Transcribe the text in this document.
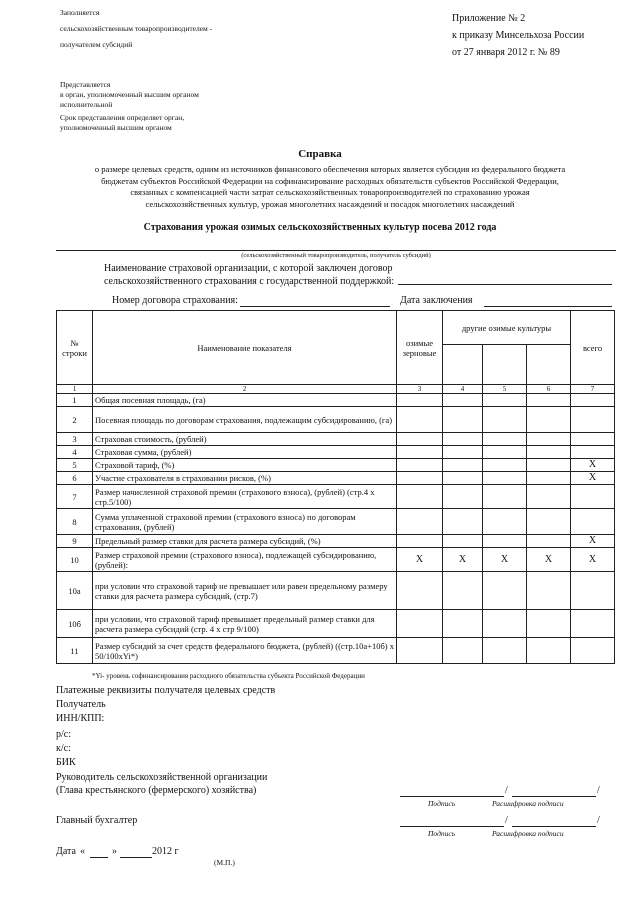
Заполняется
сельскохозяйственным товаропроизводителем -
получателем субсидий
Приложение № 2
к приказу Минсельхоза России
от 27 января 2012 г. № 89
Представляется
в орган, уполномоченный высшим органом
исполнительной
Срок представления определяет орган,
уполномоченный высшим органом
Справка
о размере целевых средств, одним из источников финансового обеспечения которых является субсидия из федерального бюджета
бюджетам субъектов Российской Федерации на софинансирование расходных обязательств субъектов Российской Федерации,
связанных с компенсацией части затрат сельскохозяйственных товаропроизводителей по страхованию урожая
сельскохозяйственных культур, урожая многолетних насаждений и посадок многолетних насаждений
Страхования урожая озимых сельскохозяйственных культур посева 2012 года
(сельскохозяйственный товаропроизводитель, получатель субсидий)
Наименование страховой организации, с которой заключен договор
сельскохозяйственного страхования с государственной поддержкой:
Номер договора страхования:	Дата заключения
№ строки	Наименование показателя	озимые зерновые	другие озимые культуры			всего

1	2	3	4	5	6	7
1	Общая посевная площадь, (га)					
2	Посевная площадь по договорам страхования, подлежащим субсидированию, (га)					
3	Страховая стоимость, (рублей)					
4	Страховая сумма, (рублей)					
5	Страховой тариф, (%)					X
6	Участие страхователя в страховании рисков, (%)					X
7	Размер начисленной страховой премии (страхового взноса), (рублей) (стр.4 х стр.5/100)					
8	Сумма уплаченной страховой премии (страхового взноса) по договорам страхования, (рублей)					
9	Предельный размер ставки для расчета размера субсидий, (%)					X
10	Размер страховой премии (страхового взноса), подлежащей субсидированию, (рублей):	X	X	X	X	X
10а	при условии что страховой тариф не превышает или равен предельному размеру ставки для расчета размера субсидий, (стр.7)					
10б	при условии, что страховой тариф превышает предельный размер ставки для расчета размера субсидий (стр. 4 х стр 9/100)					
11	Размер субсидий за счет средств федерального бюджета, (рублей) ((стр.10а+10б) х 50/100хYi*)					
*Yi- уровень софинансирования расходного обязательства субъекта Российской Федерации
Платежные реквизиты получателя целевых средств
Получатель
ИНН/КПП:
р/с:
к/с:
БИК
Руководитель сельскохозяйственной организации
(Глава крестьянского (фермерского) хозяйства)	/	/
Подпись	Расшифровка подписи
Главный бухгалтер	/	/
Подпись	Расшифровка подписи
Дата «	»	2012 г
(М.П.)
